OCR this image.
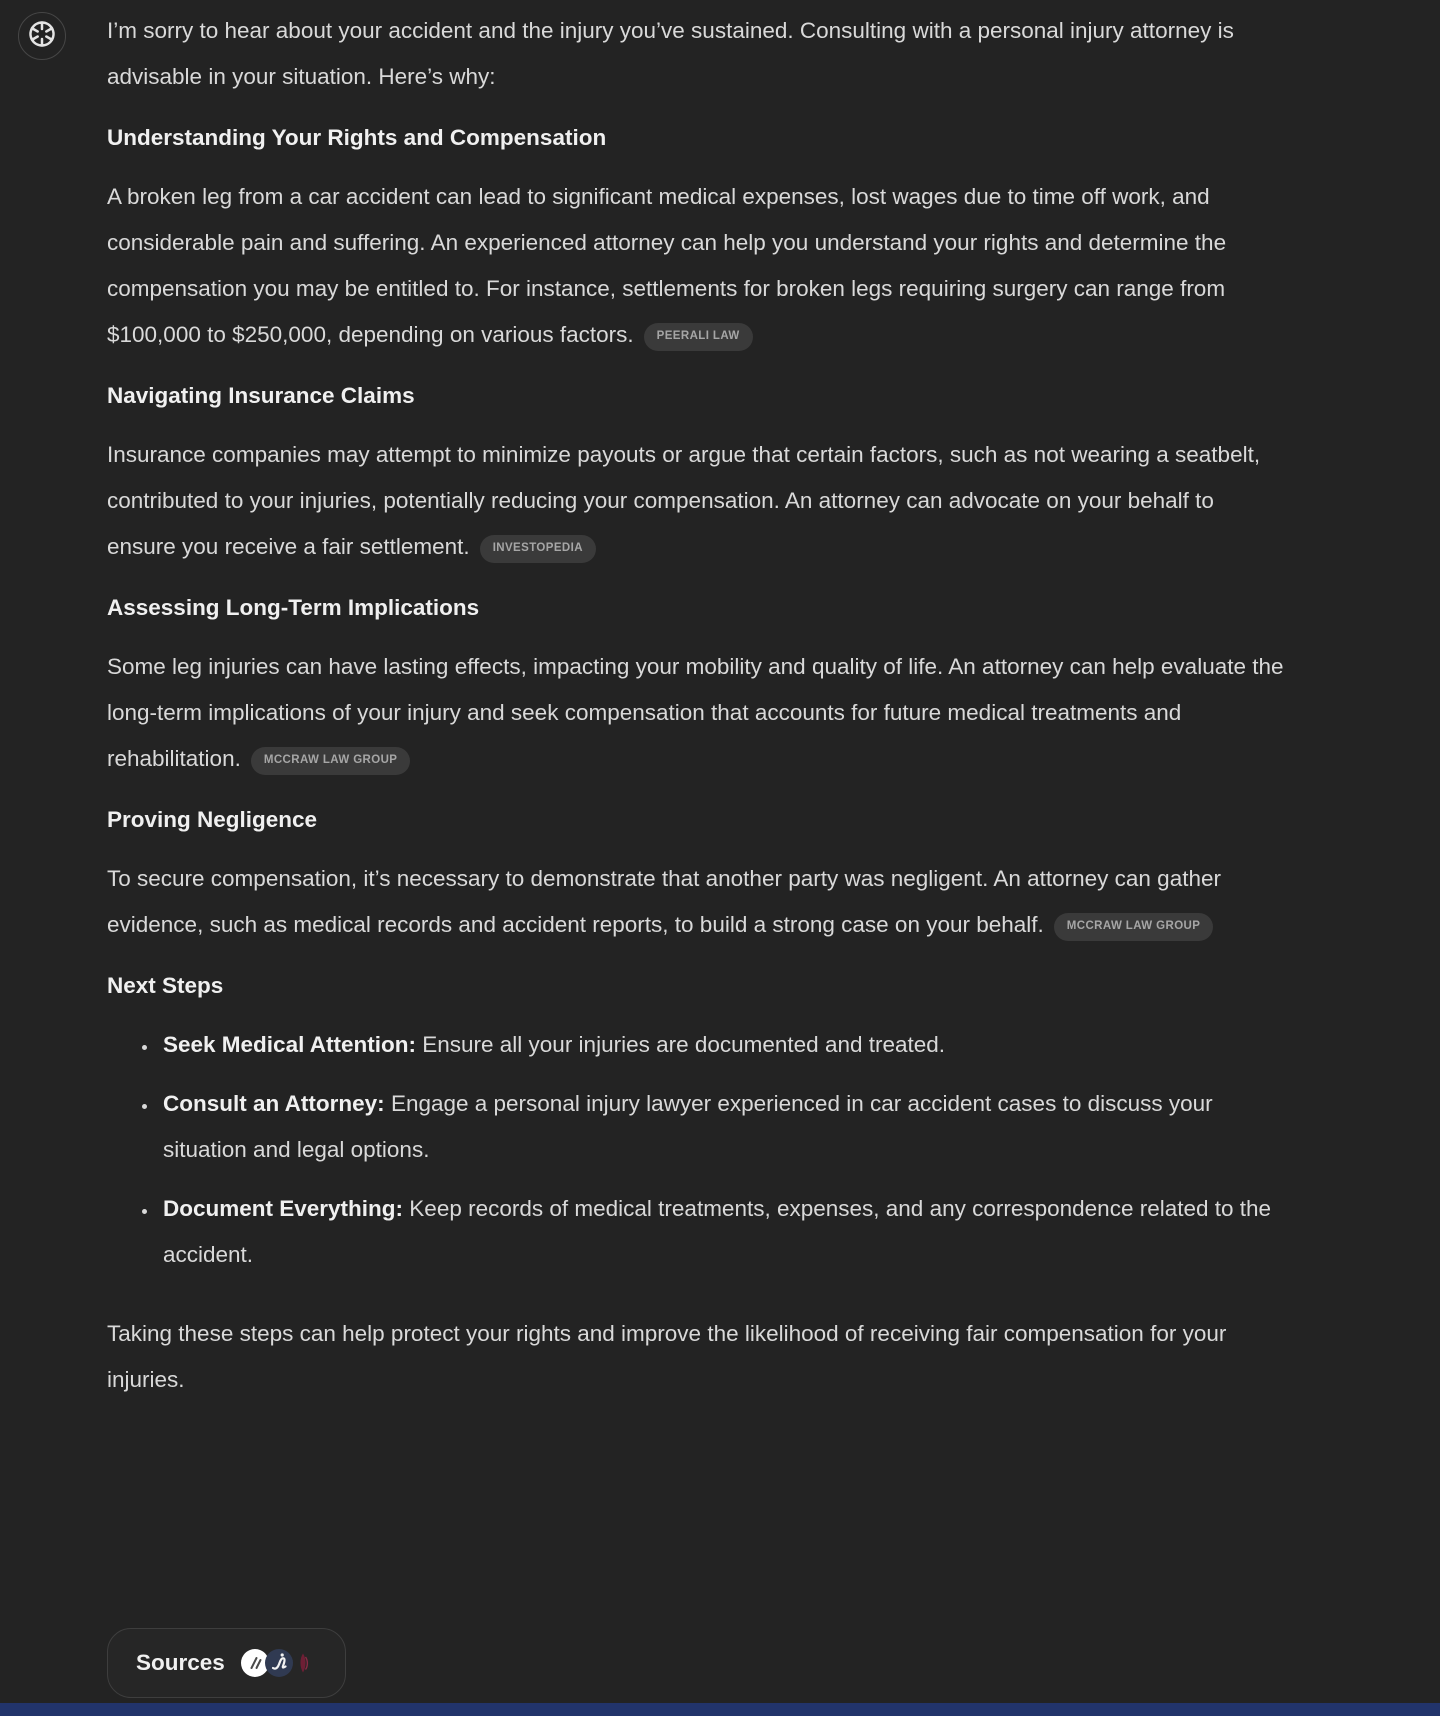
I’m sorry to hear about your accident and the injury you’ve sustained. Consulting with a personal injury attorney is advisable in your situation. Here’s why:

Understanding Your Rights and Compensation

A broken leg from a car accident can lead to significant medical expenses, lost wages due to time off work, and considerable pain and suffering. An experienced attorney can help you understand your rights and determine the compensation you may be entitled to. For instance, settlements for broken legs requiring surgery can range from $100,000 to $250,000, depending on various factors. PEERALI LAW

Navigating Insurance Claims

Insurance companies may attempt to minimize payouts or argue that certain factors, such as not wearing a seatbelt, contributed to your injuries, potentially reducing your compensation. An attorney can advocate on your behalf to ensure you receive a fair settlement. INVESTOPEDIA

Assessing Long-Term Implications

Some leg injuries can have lasting effects, impacting your mobility and quality of life. An attorney can help evaluate the long-term implications of your injury and seek compensation that accounts for future medical treatments and rehabilitation. MCCRAW LAW GROUP

Proving Negligence

To secure compensation, it’s necessary to demonstrate that another party was negligent. An attorney can gather evidence, such as medical records and accident reports, to build a strong case on your behalf. MCCRAW LAW GROUP

Next Steps
• Seek Medical Attention: Ensure all your injuries are documented and treated.
• Consult an Attorney: Engage a personal injury lawyer experienced in car accident cases to discuss your situation and legal options.
• Document Everything: Keep records of medical treatments, expenses, and any correspondence related to the accident.

Taking these steps can help protect your rights and improve the likelihood of receiving fair compensation for your injuries.

Sources
